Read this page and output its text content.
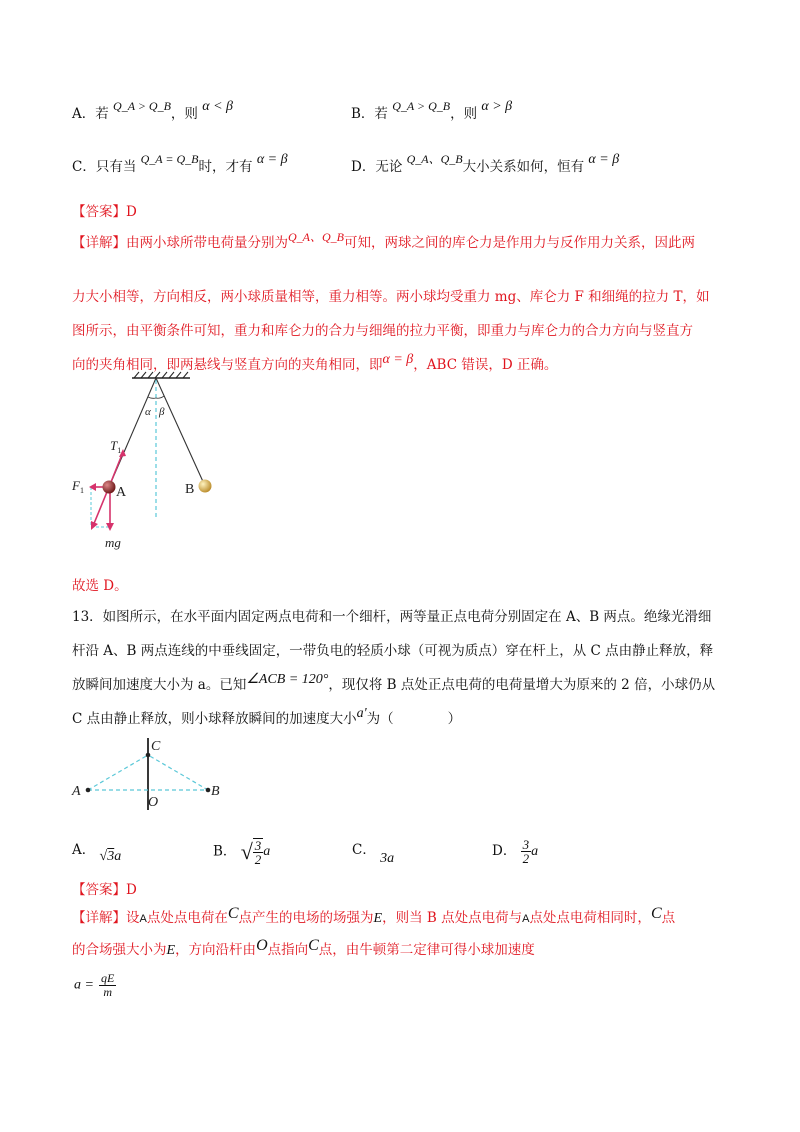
A．若 Q_A > Q_B，则 α < β	B．若 Q_A > Q_B，则 α > β
C．只有当 Q_A = Q_B时，才有 α = β	D．无论 Q_A、Q_B大小关系如何，恒有 α = β
【答案】D
【详解】由两小球所带电荷量分别为Q_A、Q_B可知，两球之间的库仑力是作用力与反作用力关系，因此两
力大小相等，方向相反，两小球质量相等，重力相等。两小球均受重力 mg、库仑力 F 和细绳的拉力 T，如
图所示，由平衡条件可知，重力和库仑力的合力与细绳的拉力平衡，即重力与库仑力的合力方向与竖直方
向的夹角相同，即两悬线与竖直方向的夹角相同，即α = β，ABC 错误，D 正确。
α β
$T_1$
$F_1$ A	B
mg
故选 D。
13．如图所示，在水平面内固定两点电荷和一个细杆，两等量正点电荷分别固定在 A、B 两点。绝缘光滑细
杆沿 A、B 两点连线的中垂线固定，一带负电的轻质小球（可视为质点）穿在杆上，从 C 点由静止释放，释
放瞬间加速度大小为 a。已知∠ACB = 120°，现仅将 B 点处正点电荷的电荷量增大为原来的 2 倍，小球仍从
C 点由静止释放，则小球释放瞬间的加速度大小a'为（　　　　）
C
A
O
B
A． √3a	B． √ $\frac{3}{2}$ a	C． 3a	D． $\frac{3}{2}$ a
【答案】D
【详解】设A点处点电荷在C点产生的电场的场强为E，则当 B 点处点电荷与A点处点电荷相同时，C点
的合场强大小为E，方向沿杆由O点指向C点，由牛顿第二定律可得小球加速度
$a = \frac{qE}{m}$
